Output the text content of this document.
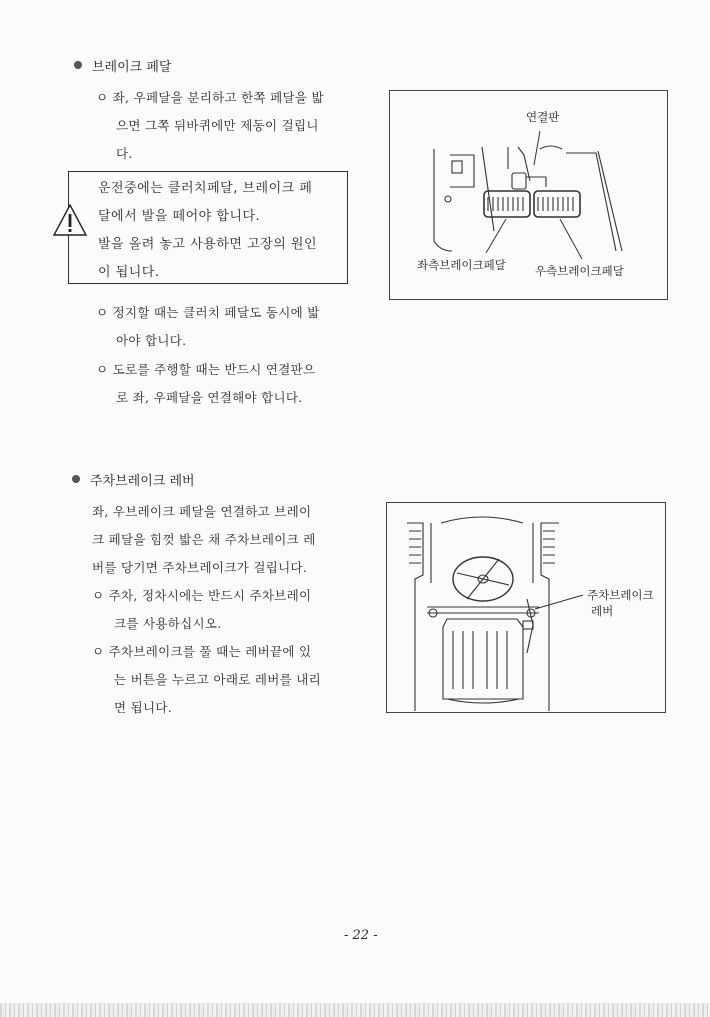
브레이크 페달
ㅇ 좌, 우페달을 분리하고 한쪽 페달을 밟
으면 그쪽 뒤바퀴에만 제동이 걸립니
다.
운전중에는 클러치페달, 브레이크 페
달에서 발을 떼어야 합니다.
발을 올려 놓고 사용하면 고장의 원인
이 됩니다.
ㅇ 정지할 때는 클러치 페달도 동시에 밟
아야 합니다.
ㅇ 도로를 주행할 때는 반드시 연결판으
로 좌, 우페달을 연결해야 합니다.
연결판
좌측브레이크페달	우측브레이크페달
주차브레이크 레버
좌, 우브레이크 페달을 연결하고 브레이
크 페달을 힘껏 밟은 채 주차브레이크 레
버를 당기면 주차브레이크가 걸립니다.
ㅇ 주차, 정차시에는 반드시 주차브레이
크를 사용하십시오.
ㅇ 주차브레이크를 풀 때는 레버끝에 있
는 버튼을 누르고 아래로 레버를 내리
면 됩니다.
주차브레이크
레버
- 22 -
